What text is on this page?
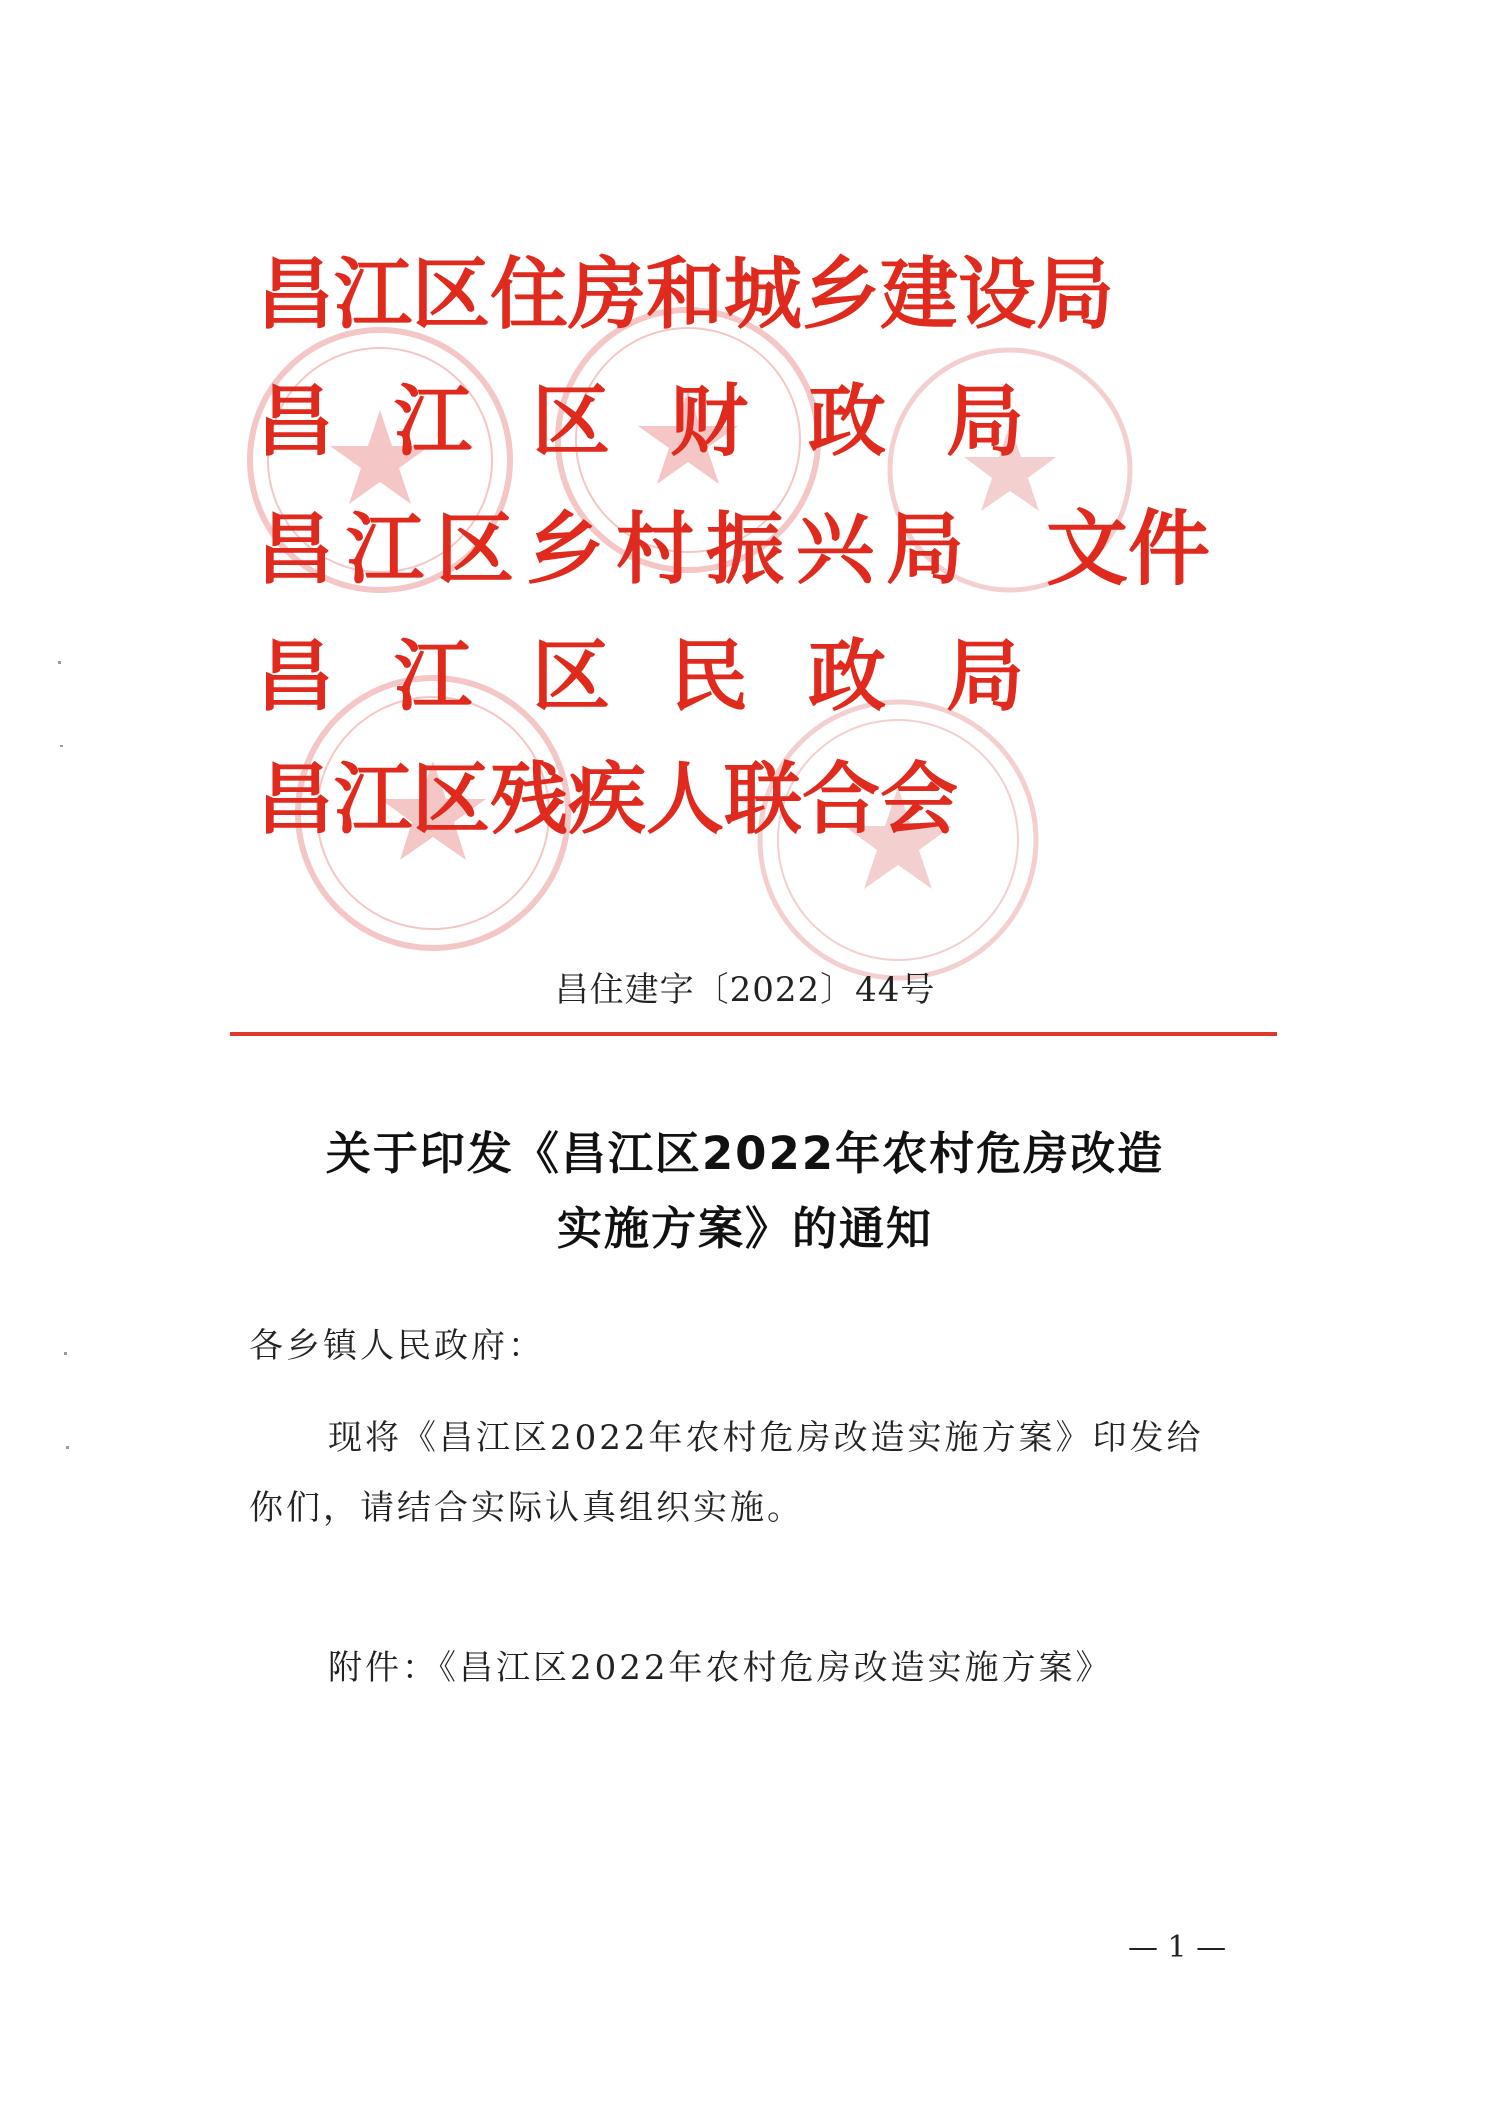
昌江区住房和城乡建设局
昌江区财政局
昌江区乡村振兴局
昌江区民政局
昌江区残疾人联合会
文件
昌住建字〔2022〕44号
关于印发《昌江区2022年农村危房改造
实施方案》的通知
各乡镇人民政府：
现将《昌江区2022年农村危房改造实施方案》印发给
你们，请结合实际认真组织实施。
附件：《昌江区2022年农村危房改造实施方案》
— 1 —
